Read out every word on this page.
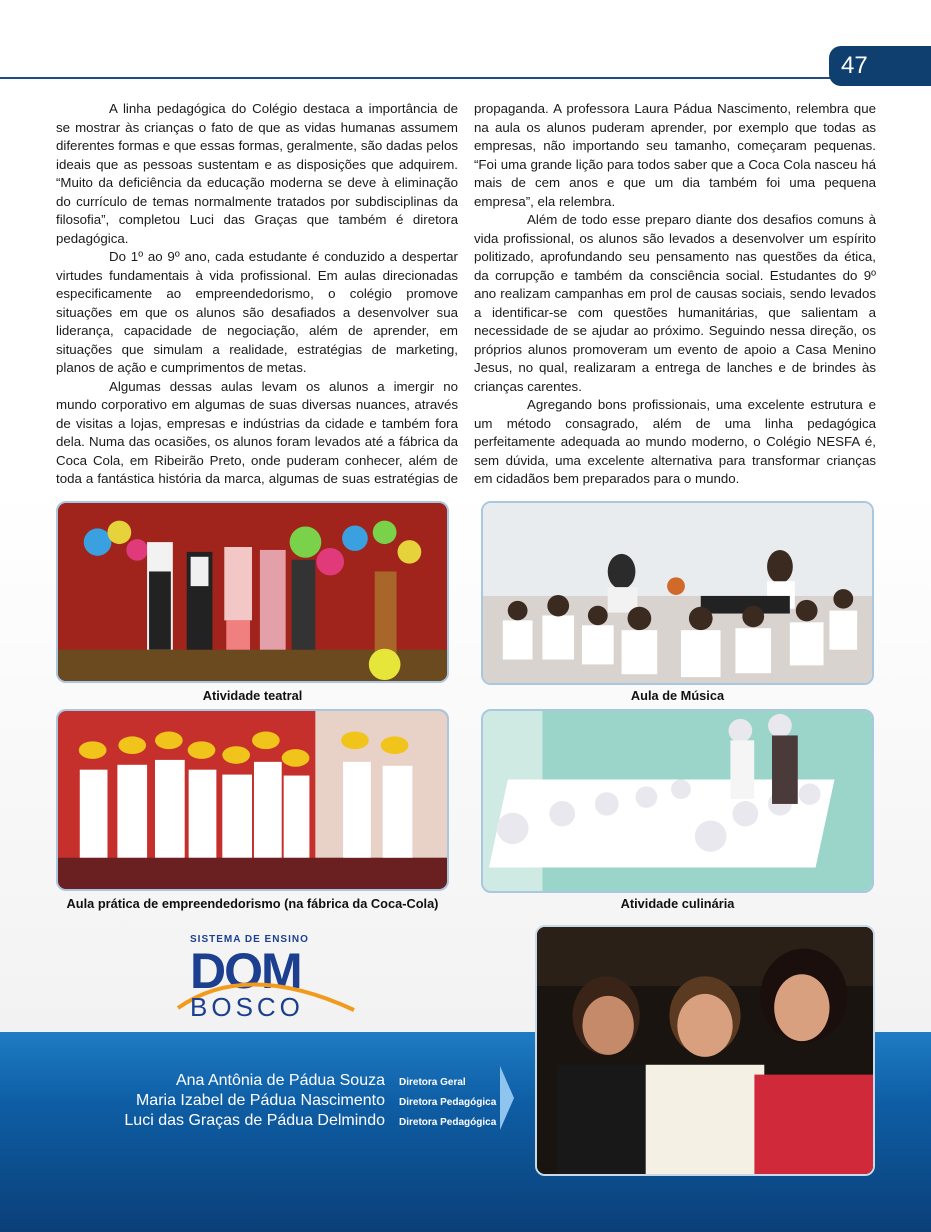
47

A linha pedagógica do Colégio destaca a importância de se mostrar às crianças o fato de que as vidas humanas assumem diferentes formas e que essas formas, geralmente, são dadas pelos ideais que as pessoas sustentam e as disposições que adquirem. “Muito da deficiência da educação moderna se deve à eliminação do currículo de temas normalmente tratados por subdisciplinas da filosofia”, completou Luci das Graças que também é diretora pedagógica.

Do 1º ao 9º ano, cada estudante é conduzido a despertar virtudes fundamentais à vida profissional. Em aulas direcionadas especificamente ao empreendedorismo, o colégio promove situações em que os alunos são desafiados a desenvolver sua liderança, capacidade de negociação, além de aprender, em situações que simulam a realidade, estratégias de marketing, planos de ação e cumprimentos de metas.

Algumas dessas aulas levam os alunos a imergir no mundo corporativo em algumas de suas diversas nuances, através de visitas a lojas, empresas e indústrias da cidade e também fora dela. Numa das ocasiões, os alunos foram levados até a fábrica da Coca Cola, em Ribeirão Preto, onde puderam conhecer, além de toda a fantástica história da marca, algumas de suas estratégias de

propaganda. A professora Laura Pádua Nascimento, relembra que na aula os alunos puderam aprender, por exemplo que todas as empresas, não importando seu tamanho, começaram pequenas. “Foi uma grande lição para todos saber que a Coca Cola nasceu há mais de cem anos e que um dia também foi uma pequena empresa”, ela relembra.

Além de todo esse preparo diante dos desafios comuns à vida profissional, os alunos são levados a desenvolver um espírito politizado, aprofundando seu pensamento nas questões da ética, da corrupção e também da consciência social. Estudantes do 9º ano realizam campanhas em prol de causas sociais, sendo levados a identificar-se com questões humanitárias, que salientam a necessidade de se ajudar ao próximo. Seguindo nessa direção, os próprios alunos promoveram um evento de apoio a Casa Menino Jesus, no qual, realizaram a entrega de lanches e de brindes às crianças carentes.

Agregando bons profissionais, uma excelente estrutura e um método consagrado, além de uma linha pedagógica perfeitamente adequada ao mundo moderno, o Colégio NESFA é, sem dúvida, uma excelente alternativa para transformar crianças em cidadãos bem preparados para o mundo.

Atividade teatral	Aula de Música
Aula prática de empreendedorismo (na fábrica da Coca-Cola)	Atividade culinária
SISTEMA DE ENSINO
DOM
BOSCO
Ana Antônia de Pádua Souza Diretora Geral
Maria Izabel de Pádua Nascimento Diretora Pedagógica
Luci das Graças de Pádua Delmindo Diretora Pedagógica
